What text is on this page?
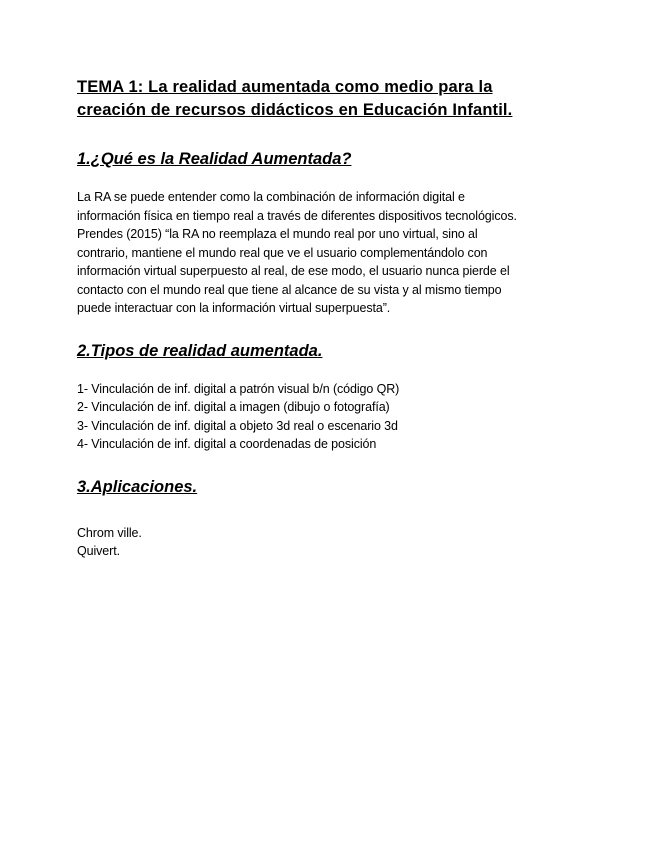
TEMA 1: La realidad aumentada como medio para la
creación de recursos didácticos en Educación Infantil.
1.¿Qué es la Realidad Aumentada?

La RA se puede entender como la combinación de información digital e
información física en tiempo real a través de diferentes dispositivos tecnológicos.
Prendes (2015) “la RA no reemplaza el mundo real por uno virtual, sino al
contrario, mantiene el mundo real que ve el usuario complementándolo con
información virtual superpuesto al real, de ese modo, el usuario nunca pierde el
contacto con el mundo real que tiene al alcance de su vista y al mismo tiempo
puede interactuar con la información virtual superpuesta”.

2.Tipos de realidad aumentada.
1- Vinculación de inf. digital a patrón visual b/n (código QR)
2- Vinculación de inf. digital a imagen (dibujo o fotografía)
3- Vinculación de inf. digital a objeto 3d real o escenario 3d
4- Vinculación de inf. digital a coordenadas de posición
3.Aplicaciones.
Chrom ville.
Quivert.
